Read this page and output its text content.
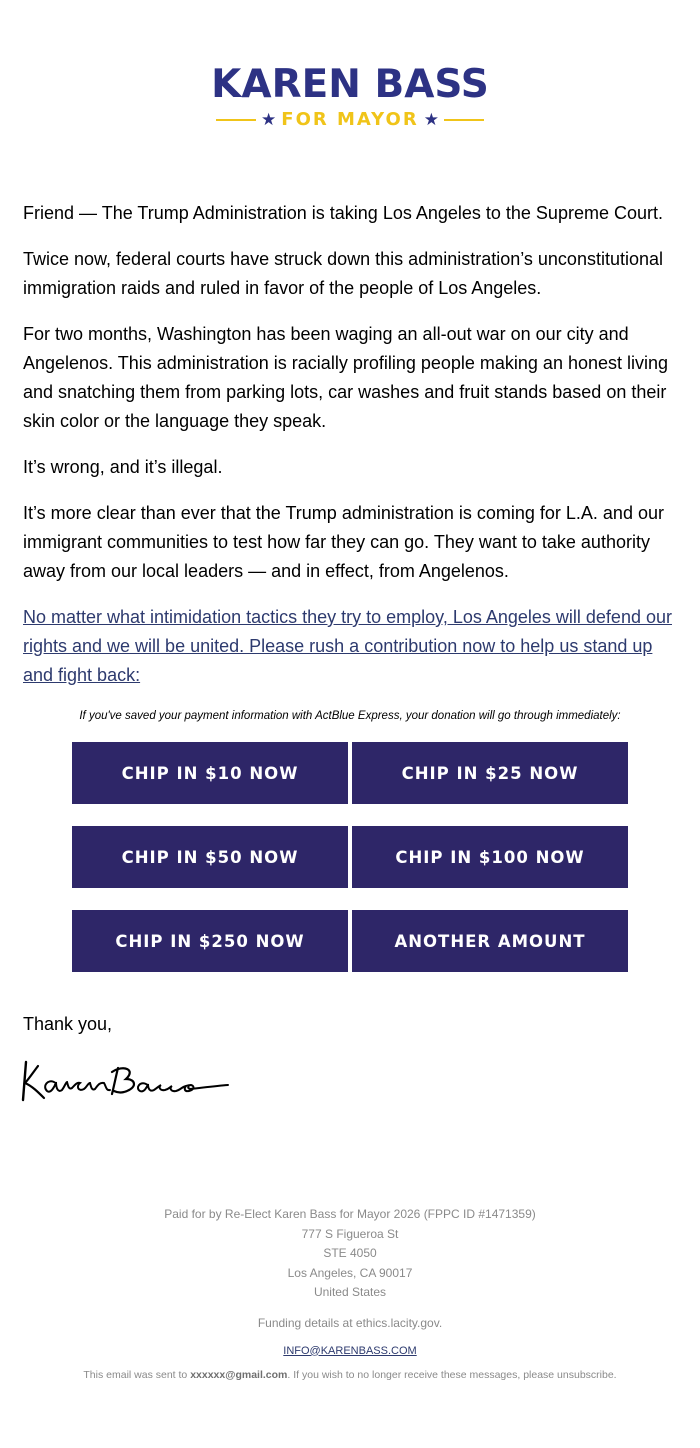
KAREN BASS
★ FOR MAYOR ★

Friend — The Trump Administration is taking Los Angeles to the Supreme Court.

Twice now, federal courts have struck down this administration’s unconstitutional immigration raids and ruled in favor of the people of Los Angeles.

For two months, Washington has been waging an all-out war on our city and Angelenos. This administration is racially profiling people making an honest living and snatching them from parking lots, car washes and fruit stands based on their skin color or the language they speak.

It’s wrong, and it’s illegal.

It’s more clear than ever that the Trump administration is coming for L.A. and our immigrant communities to test how far they can go. They want to take authority away from our local leaders — and in effect, from Angelenos.

No matter what intimidation tactics they try to employ, Los Angeles will defend our rights and we will be united. Please rush a contribution now to help us stand up and fight back:

If you've saved your payment information with ActBlue Express, your donation will go through immediately:
CHIP IN $10 NOW	CHIP IN $25 NOW
CHIP IN $50 NOW	CHIP IN $100 NOW
CHIP IN $250 NOW	ANOTHER AMOUNT
Thank you,
Paid for by Re-Elect Karen Bass for Mayor 2026 (FPPC ID #1471359)
777 S Figueroa St
STE 4050
Los Angeles, CA 90017
United States
Funding details at ethics.lacity.gov.
INFO@KARENBASS.COM
This email was sent to xxxxxx@gmail.com. If you wish to no longer receive these messages, please unsubscribe.
